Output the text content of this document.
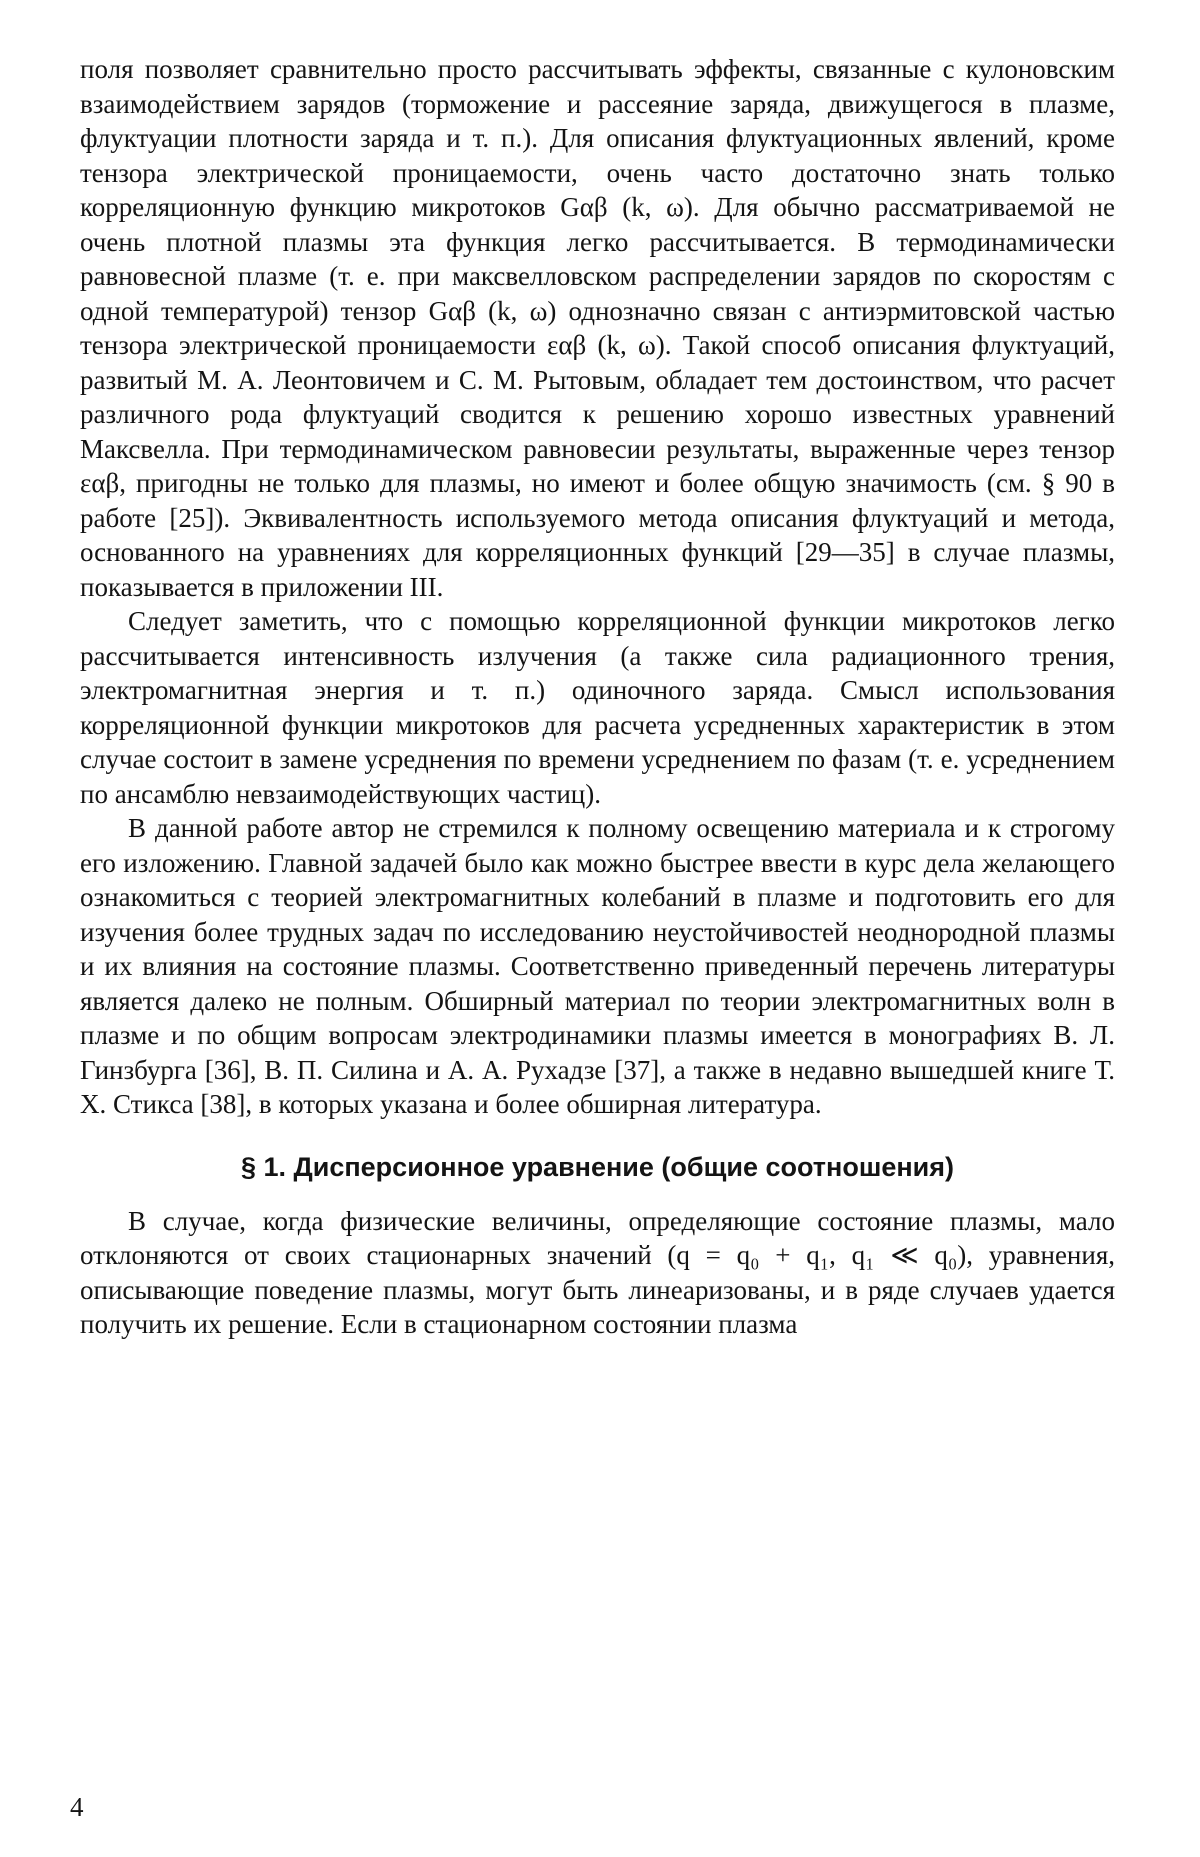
поля позволяет сравнительно просто рассчитывать эффекты, связанные с кулоновским взаимодействием зарядов (торможение и рассеяние заряда, движущегося в плазме, флуктуации плотности заряда и т. п.). Для описания флуктуационных явлений, кроме тензора электрической проницаемости, очень часто достаточно знать только корреляционную функцию микротоков Gαβ (k, ω). Для обычно рассматриваемой не очень плотной плазмы эта функция легко рассчитывается. В термодинамически равновесной плазме (т. е. при максвелловском распределении зарядов по скоростям с одной температурой) тензор Gαβ (k, ω) однозначно связан с антиэрмитовской частью тензора электрической проницаемости εαβ (k, ω). Такой способ описания флуктуаций, развитый М. А. Леонтовичем и С. М. Рытовым, обладает тем достоинством, что расчет различного рода флуктуаций сводится к решению хорошо известных уравнений Максвелла. При термодинамическом равновесии результаты, выраженные через тензор εαβ, пригодны не только для плазмы, но имеют и более общую значимость (см. § 90 в работе [25]). Эквивалентность используемого метода описания флуктуаций и метода, основанного на уравнениях для корреляционных функций [29—35] в случае плазмы, показывается в приложении III.

Следует заметить, что с помощью корреляционной функции микротоков легко рассчитывается интенсивность излучения (а также сила радиационного трения, электромагнитная энергия и т. п.) одиночного заряда. Смысл использования корреляционной функции микротоков для расчета усредненных характеристик в этом случае состоит в замене усреднения по времени усреднением по фазам (т. е. усреднением по ансамблю невзаимодействующих частиц).

В данной работе автор не стремился к полному освещению материала и к строгому его изложению. Главной задачей было как можно быстрее ввести в курс дела желающего ознакомиться с теорией электромагнитных колебаний в плазме и подготовить его для изучения более трудных задач по исследованию неустойчивостей неоднородной плазмы и их влияния на состояние плазмы. Соответственно приведенный перечень литературы является далеко не полным. Обширный материал по теории электромагнитных волн в плазме и по общим вопросам электродинамики плазмы имеется в монографиях В. Л. Гинзбурга [36], В. П. Силина и А. А. Рухадзе [37], а также в недавно вышедшей книге Т. Х. Стикса [38], в которых указана и более обширная литература.

§ 1. Дисперсионное уравнение (общие соотношения)

В случае, когда физические величины, определяющие состояние плазмы, мало отклоняются от своих стационарных значений (q = q₀ + q₁, q₁ ≪ q₀), уравнения, описывающие поведение плазмы, могут быть линеаризованы, и в ряде случаев удается получить их решение. Если в стационарном состоянии плазма

4
